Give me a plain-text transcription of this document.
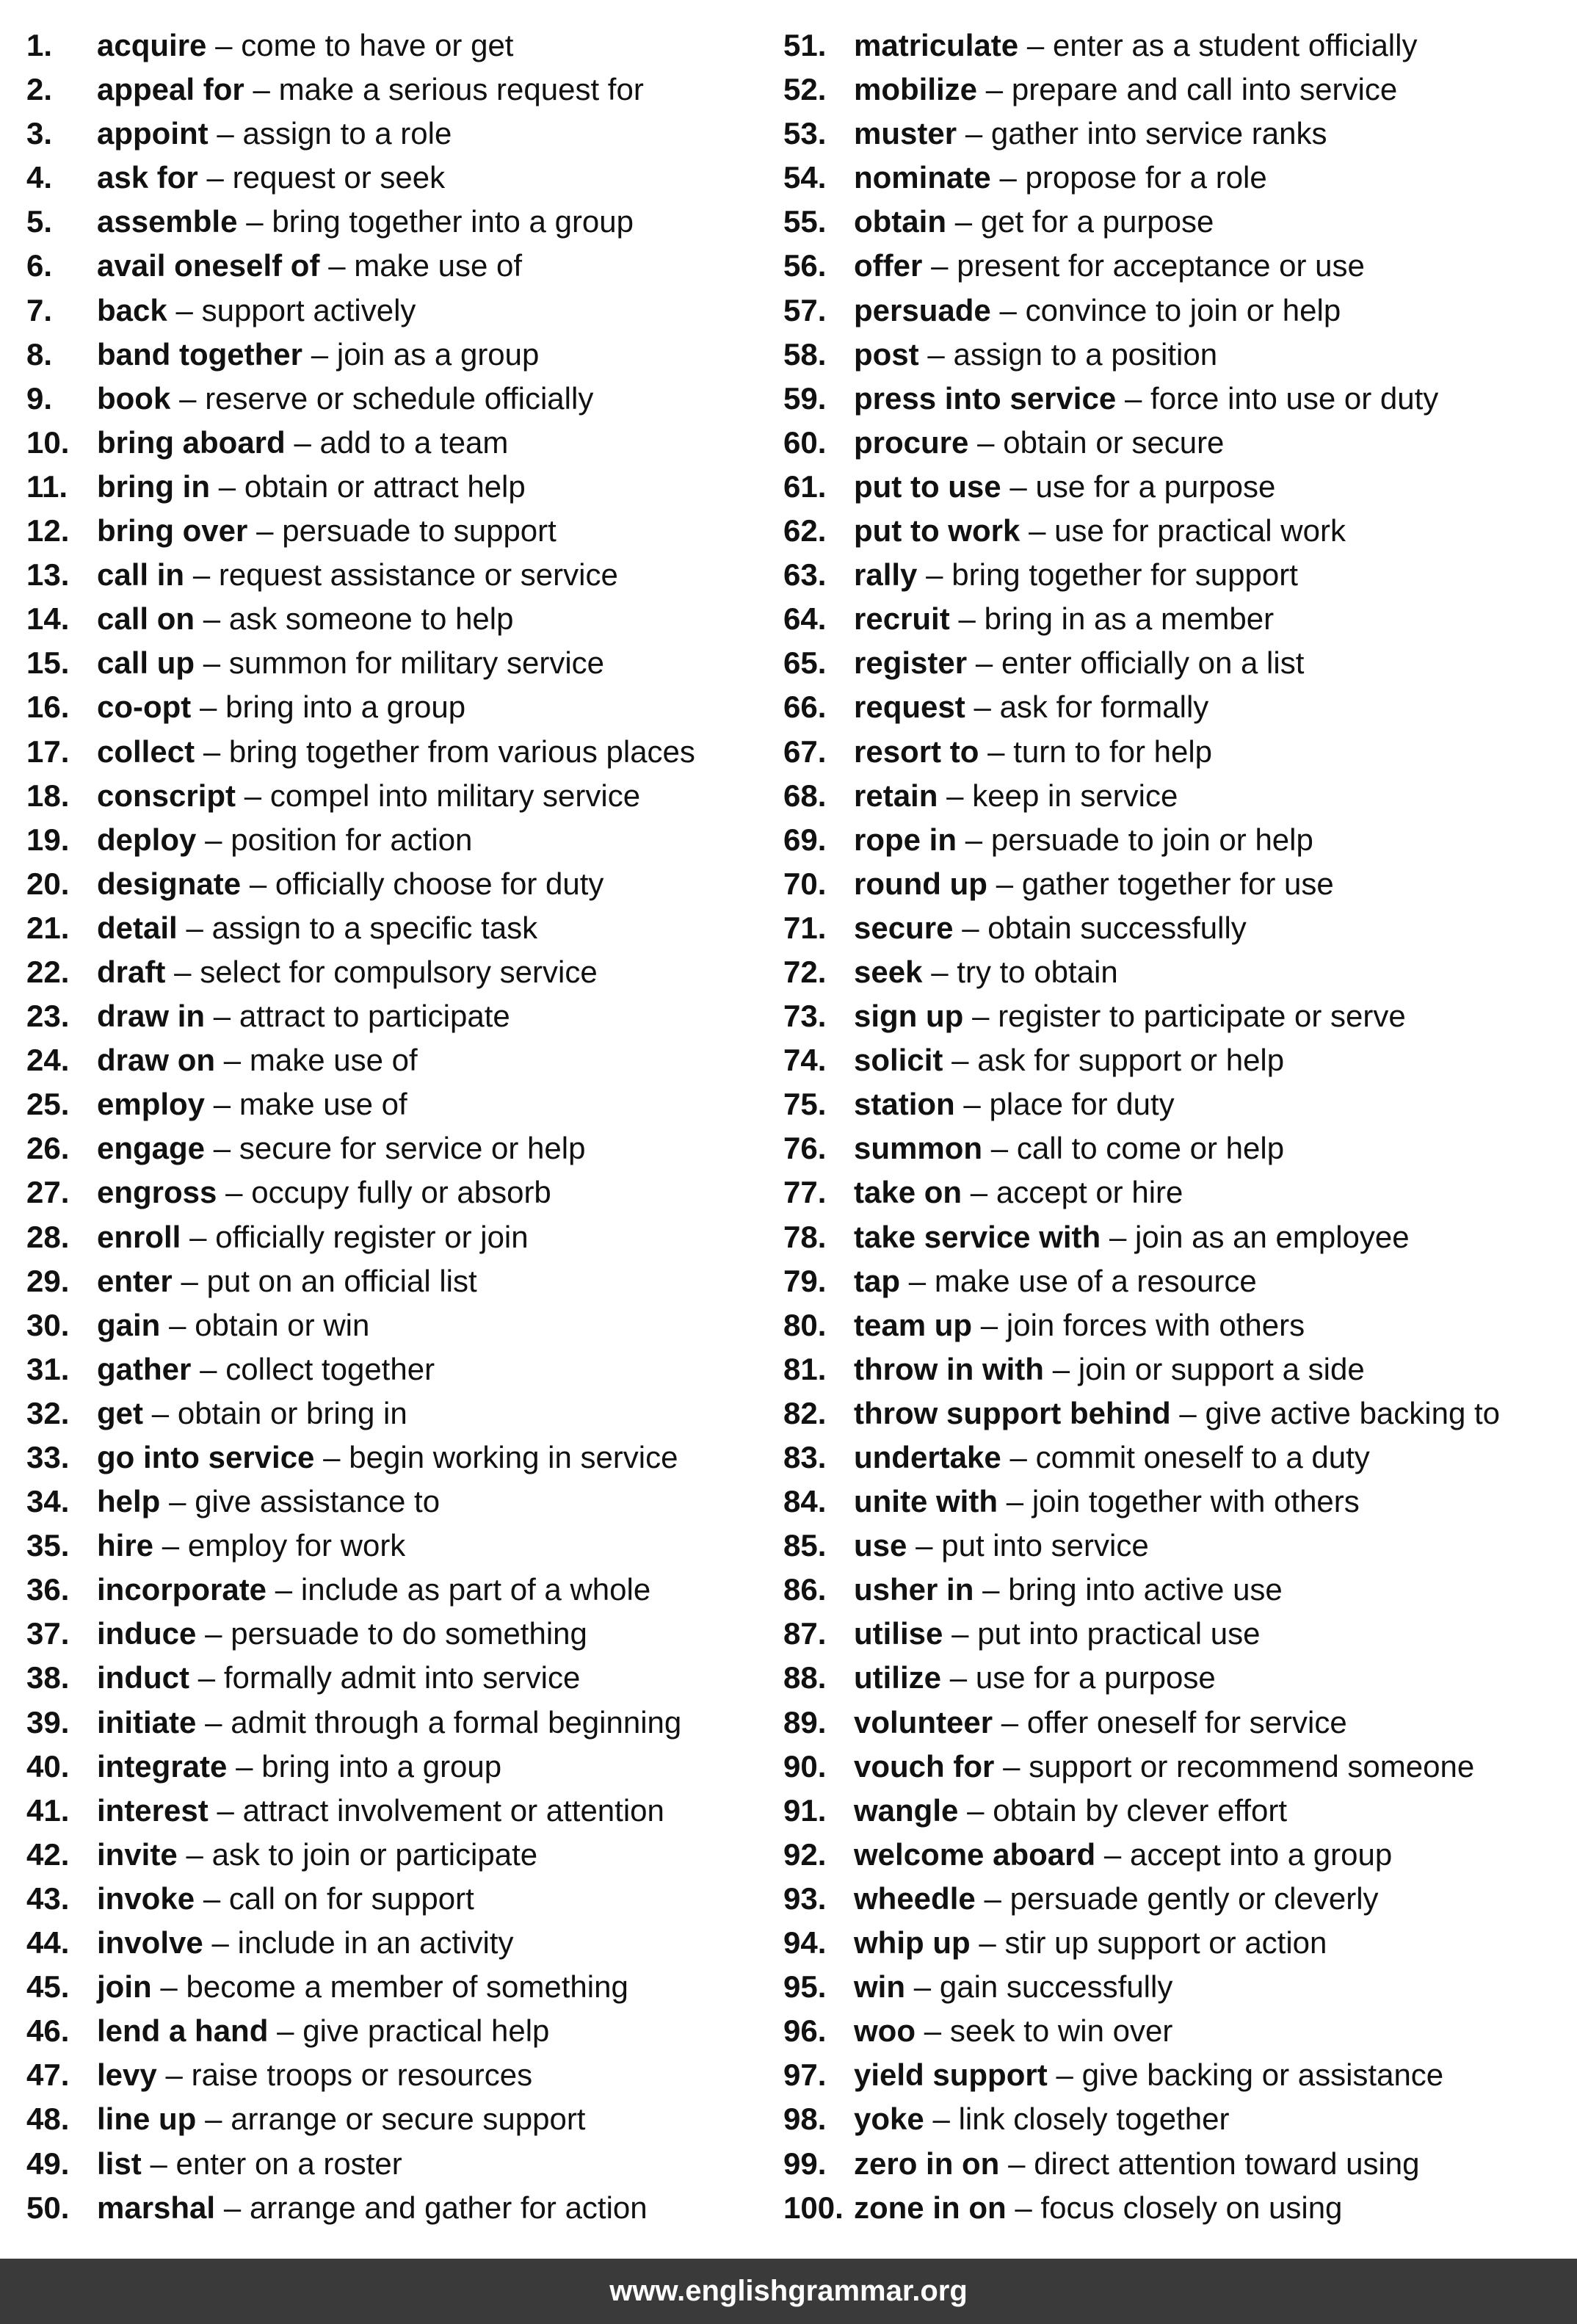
1. acquire – come to have or get
2. appeal for – make a serious request for
3. appoint – assign to a role
4. ask for – request or seek
5. assemble – bring together into a group
6. avail oneself of – make use of
7. back – support actively
8. band together – join as a group
9. book – reserve or schedule officially
10. bring aboard – add to a team
11. bring in – obtain or attract help
12. bring over – persuade to support
13. call in – request assistance or service
14. call on – ask someone to help
15. call up – summon for military service
16. co-opt – bring into a group
17. collect – bring together from various places
18. conscript – compel into military service
19. deploy – position for action
20. designate – officially choose for duty
21. detail – assign to a specific task
22. draft – select for compulsory service
23. draw in – attract to participate
24. draw on – make use of
25. employ – make use of
26. engage – secure for service or help
27. engross – occupy fully or absorb
28. enroll – officially register or join
29. enter – put on an official list
30. gain – obtain or win
31. gather – collect together
32. get – obtain or bring in
33. go into service – begin working in service
34. help – give assistance to
35. hire – employ for work
36. incorporate – include as part of a whole
37. induce – persuade to do something
38. induct – formally admit into service
39. initiate – admit through a formal beginning
40. integrate – bring into a group
41. interest – attract involvement or attention
42. invite – ask to join or participate
43. invoke – call on for support
44. involve – include in an activity
45. join – become a member of something
46. lend a hand – give practical help
47. levy – raise troops or resources
48. line up – arrange or secure support
49. list – enter on a roster
50. marshal – arrange and gather for action
51. matriculate – enter as a student officially
52. mobilize – prepare and call into service
53. muster – gather into service ranks
54. nominate – propose for a role
55. obtain – get for a purpose
56. offer – present for acceptance or use
57. persuade – convince to join or help
58. post – assign to a position
59. press into service – force into use or duty
60. procure – obtain or secure
61. put to use – use for a purpose
62. put to work – use for practical work
63. rally – bring together for support
64. recruit – bring in as a member
65. register – enter officially on a list
66. request – ask for formally
67. resort to – turn to for help
68. retain – keep in service
69. rope in – persuade to join or help
70. round up – gather together for use
71. secure – obtain successfully
72. seek – try to obtain
73. sign up – register to participate or serve
74. solicit – ask for support or help
75. station – place for duty
76. summon – call to come or help
77. take on – accept or hire
78. take service with – join as an employee
79. tap – make use of a resource
80. team up – join forces with others
81. throw in with – join or support a side
82. throw support behind – give active backing to
83. undertake – commit oneself to a duty
84. unite with – join together with others
85. use – put into service
86. usher in – bring into active use
87. utilise – put into practical use
88. utilize – use for a purpose
89. volunteer – offer oneself for service
90. vouch for – support or recommend someone
91. wangle – obtain by clever effort
92. welcome aboard – accept into a group
93. wheedle – persuade gently or cleverly
94. whip up – stir up support or action
95. win – gain successfully
96. woo – seek to win over
97. yield support – give backing or assistance
98. yoke – link closely together
99. zero in on – direct attention toward using
100. zone in on – focus closely on using
www.englishgrammar.org
